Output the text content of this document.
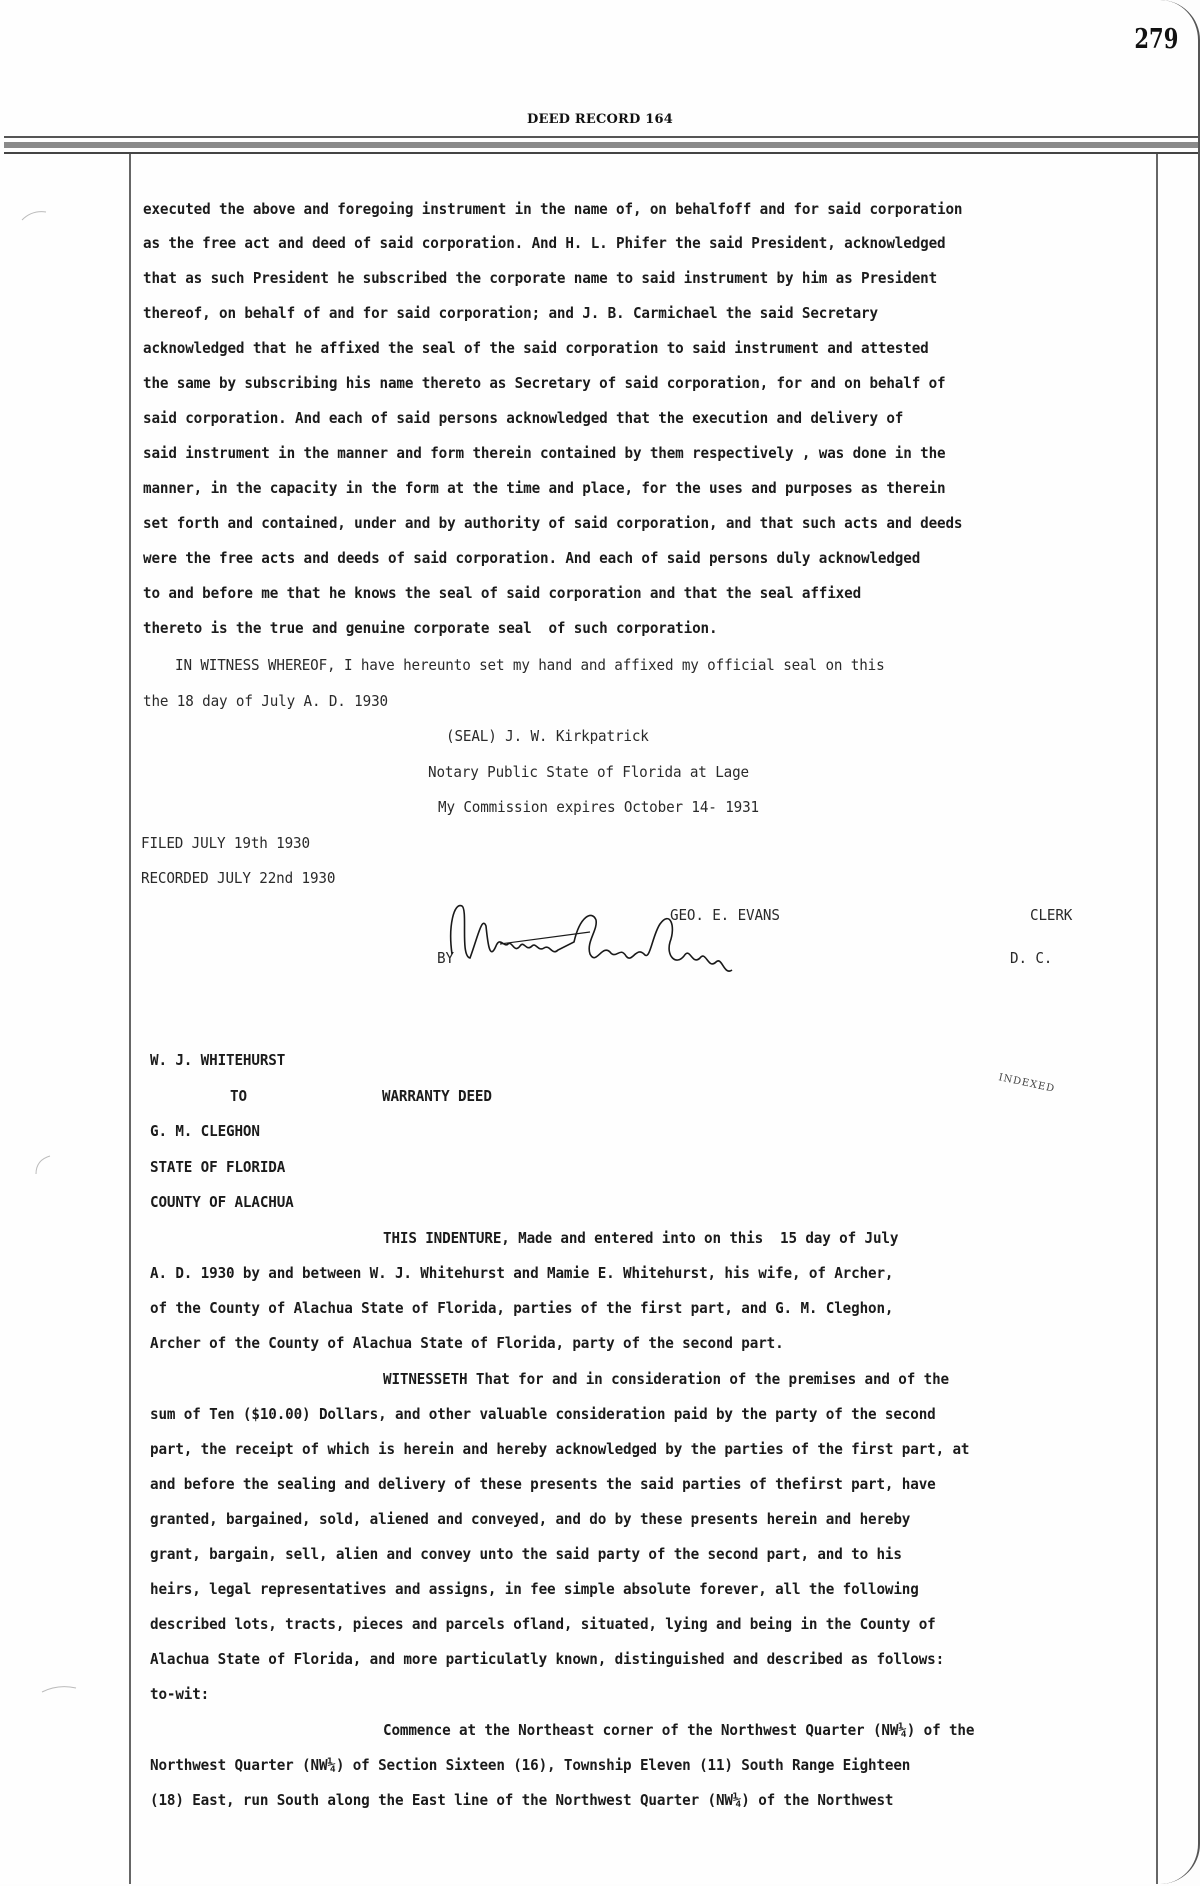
279
DEED RECORD 164
executed the above and foregoing instrument in the name of, on behalfoff and for said corporation
as the free act and deed of said corporation. And H. L. Phifer the said President, acknowledged
that as such President he subscribed the corporate name to said instrument by him as President
thereof, on behalf of and for said corporation; and J. B. Carmichael the said Secretary
acknowledged that he affixed the seal of the said corporation to said instrument and attested
the same by subscribing his name thereto as Secretary of said corporation, for and on behalf of
said corporation. And each of said persons acknowledged that the execution and delivery of
said instrument in the manner and form therein contained by them respectively , was done in the
manner, in the capacity in the form at the time and place, for the uses and purposes as therein
set forth and contained, under and by authority of said corporation, and that such acts and deeds
were the free acts and deeds of said corporation. And each of said persons duly acknowledged
to and before me that he knows the seal of said corporation and that the seal affixed
thereto is the true and genuine corporate seal  of such corporation.
IN WITNESS WHEREOF, I have hereunto set my hand and affixed my official seal on this
the 18 day of July A. D. 1930
(SEAL) J. W. Kirkpatrick
Notary Public State of Florida at Lage
My Commission expires October 14- 1931
FILED JULY 19th 1930
RECORDED JULY 22nd 1930
GEO. E. EVANS	CLERK
BY	D. C.
W. J. WHITEHURST
TO	WARRANTY DEED
G. M. CLEGHON
STATE OF FLORIDA
COUNTY OF ALACHUA
INDEXED
THIS INDENTURE, Made and entered into on this  15 day of July
A. D. 1930 by and between W. J. Whitehurst and Mamie E. Whitehurst, his wife, of Archer,
of the County of Alachua State of Florida, parties of the first part, and G. M. Cleghon,
Archer of the County of Alachua State of Florida, party of the second part.
WITNESSETH That for and in consideration of the premises and of the
sum of Ten ($10.00) Dollars, and other valuable consideration paid by the party of the second
part, the receipt of which is herein and hereby acknowledged by the parties of the first part, at
and before the sealing and delivery of these presents the said parties of thefirst part, have
granted, bargained, sold, aliened and conveyed, and do by these presents herein and hereby
grant, bargain, sell, alien and convey unto the said party of the second part, and to his
heirs, legal representatives and assigns, in fee simple absolute forever, all the following
described lots, tracts, pieces and parcels ofland, situated, lying and being in the County of
Alachua State of Florida, and more particulatly known, distinguished and described as follows:
to-wit:
Commence at the Northeast corner of the Northwest Quarter (NW¼) of the
Northwest Quarter (NW¼) of Section Sixteen (16), Township Eleven (11) South Range Eighteen
(18) East, run South along the East line of the Northwest Quarter (NW¼) of the Northwest
